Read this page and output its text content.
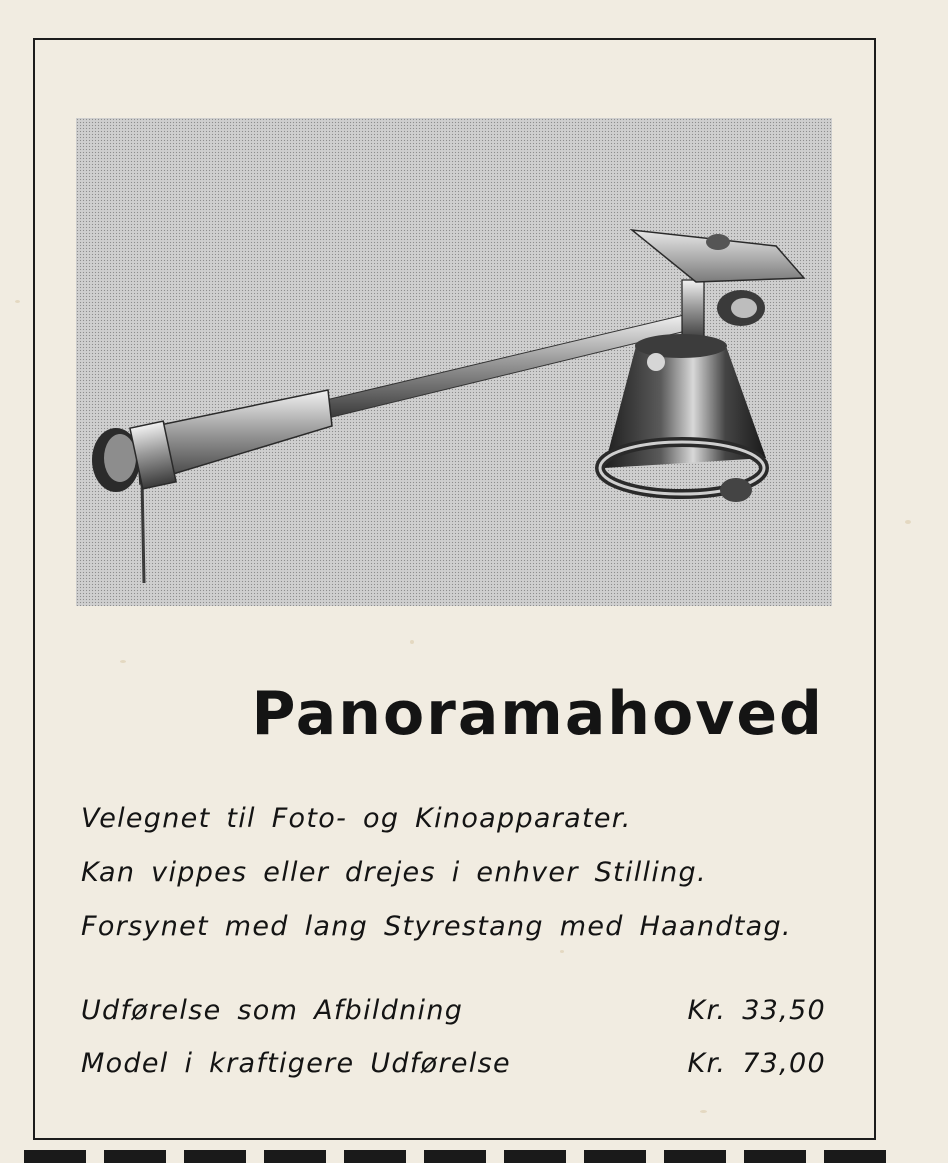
Panoramahoved
Velegnet til Foto- og Kinoapparater.
Kan vippes eller drejes i enhver Stilling.
Forsynet med lang Styrestang med Haandtag.
Udførelse som Afbildning	Kr. 33,50
Model i kraftigere Udførelse	Kr. 73,00
